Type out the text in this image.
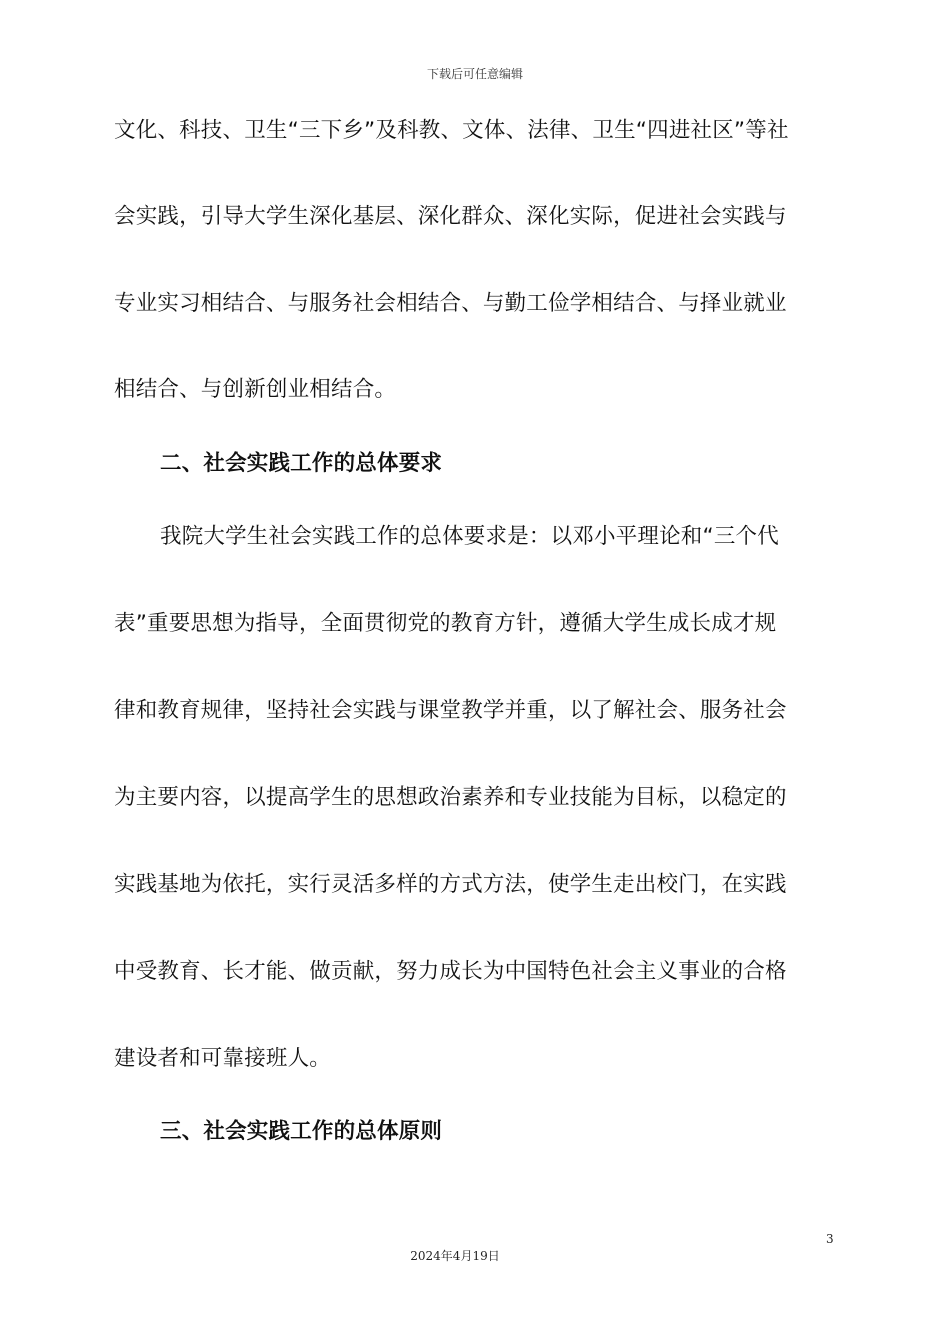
下载后可任意编辑
文化、科技、卫生“三下乡”及科教、文体、法律、卫生“四进社区”等社
会实践，引导大学生深化基层、深化群众、深化实际，促进社会实践与
专业实习相结合、与服务社会相结合、与勤工俭学相结合、与择业就业
相结合、与创新创业相结合。
二、社会实践工作的总体要求
我院大学生社会实践工作的总体要求是：以邓小平理论和“三个代
表”重要思想为指导，全面贯彻党的教育方针，遵循大学生成长成才规
律和教育规律，坚持社会实践与课堂教学并重，以了解社会、服务社会
为主要内容，以提高学生的思想政治素养和专业技能为目标，以稳定的
实践基地为依托，实行灵活多样的方式方法，使学生走出校门，在实践
中受教育、长才能、做贡献，努力成长为中国特色社会主义事业的合格
建设者和可靠接班人。
三、社会实践工作的总体原则
3
2024年4月19日
